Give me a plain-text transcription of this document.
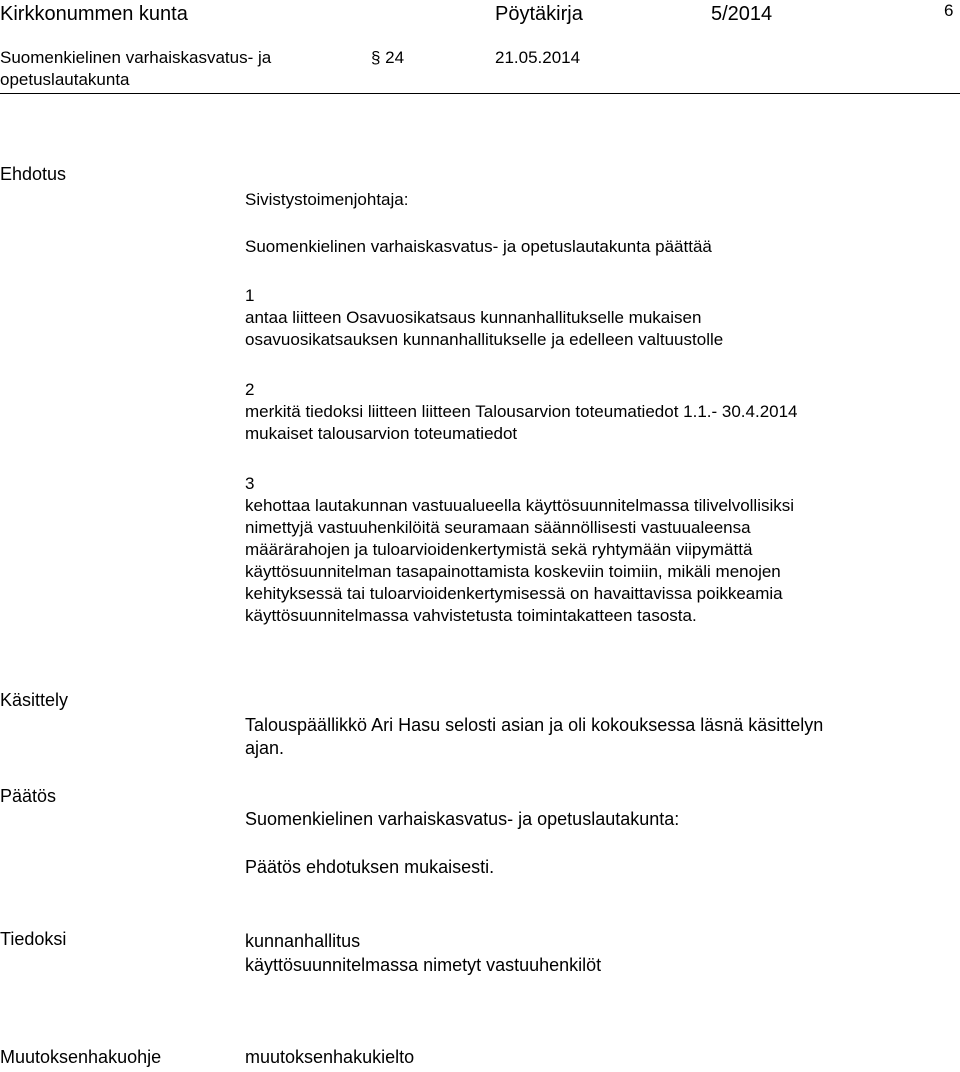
Kirkkonummen kunta	Pöytäkirja	5/2014	6
Suomenkielinen varhaiskasvatus- ja
opetuslautakunta
§ 24	21.05.2014
Ehdotus
Sivistystoimenjohtaja:
Suomenkielinen varhaiskasvatus- ja opetuslautakunta päättää

1

antaa liitteen Osavuosikatsaus kunnanhallitukselle mukaisen

osavuosikatsauksen kunnanhallitukselle ja edelleen valtuustolle

2

merkitä tiedoksi liitteen liitteen Talousarvion toteumatiedot 1.1.- 30.4.2014

mukaiset talousarvion toteumatiedot

3

kehottaa lautakunnan vastuualueella käyttösuunnitelmassa tilivelvollisiksi

nimettyjä vastuuhenkilöitä seuramaan säännöllisesti vastuualeensa

määrärahojen ja tuloarvioidenkertymistä sekä ryhtymään viipymättä

käyttösuunnitelman tasapainottamista koskeviin toimiin, mikäli menojen

kehityksessä tai tuloarvioidenkertymisessä on havaittavissa poikkeamia

käyttösuunnitelmassa vahvistetusta toimintakatteen tasosta.

Käsittely

Talouspäällikkö Ari Hasu selosti asian ja oli kokouksessa läsnä käsittelyn

ajan.

Päätös
Suomenkielinen varhaiskasvatus- ja opetuslautakunta:
Päätös ehdotuksen mukaisesti.
Tiedoksi	kunnanhallitus

käyttösuunnitelmassa nimetyt vastuuhenkilöt

Muutoksenhakuohje	muutoksenhakukielto
